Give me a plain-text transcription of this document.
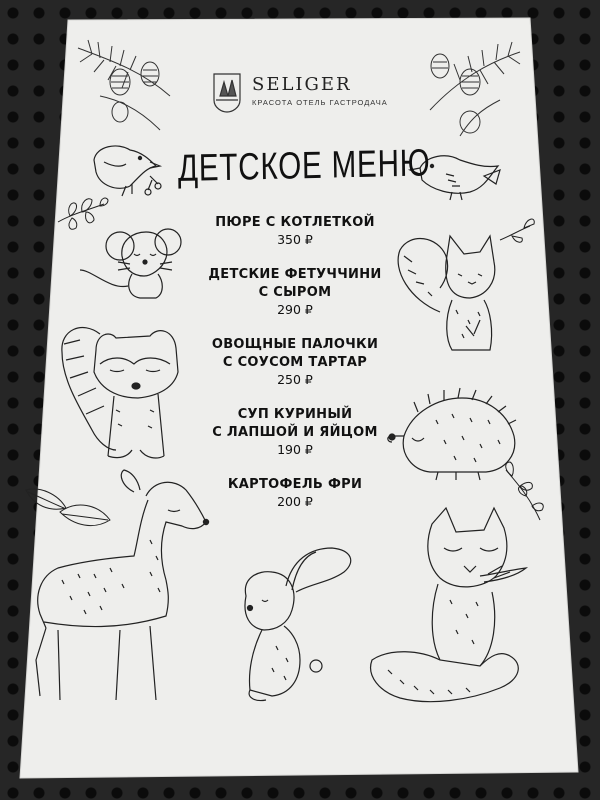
SELIGER
КРАСОТА ОТЕЛЬ ГАСТРОДАЧА
ДЕТСКОЕ МЕНЮ
ПЮРЕ С КОТЛЕТКОЙ
350 ₽
ДЕТСКИЕ ФЕТУЧЧИНИ
С СЫРОМ
290 ₽
ОВОЩНЫЕ ПАЛОЧКИ
С СОУСОМ ТАРТАР
250 ₽
СУП КУРИНЫЙ
С ЛАПШОЙ И ЯЙЦОМ
190 ₽
КАРТОФЕЛЬ ФРИ
200 ₽
